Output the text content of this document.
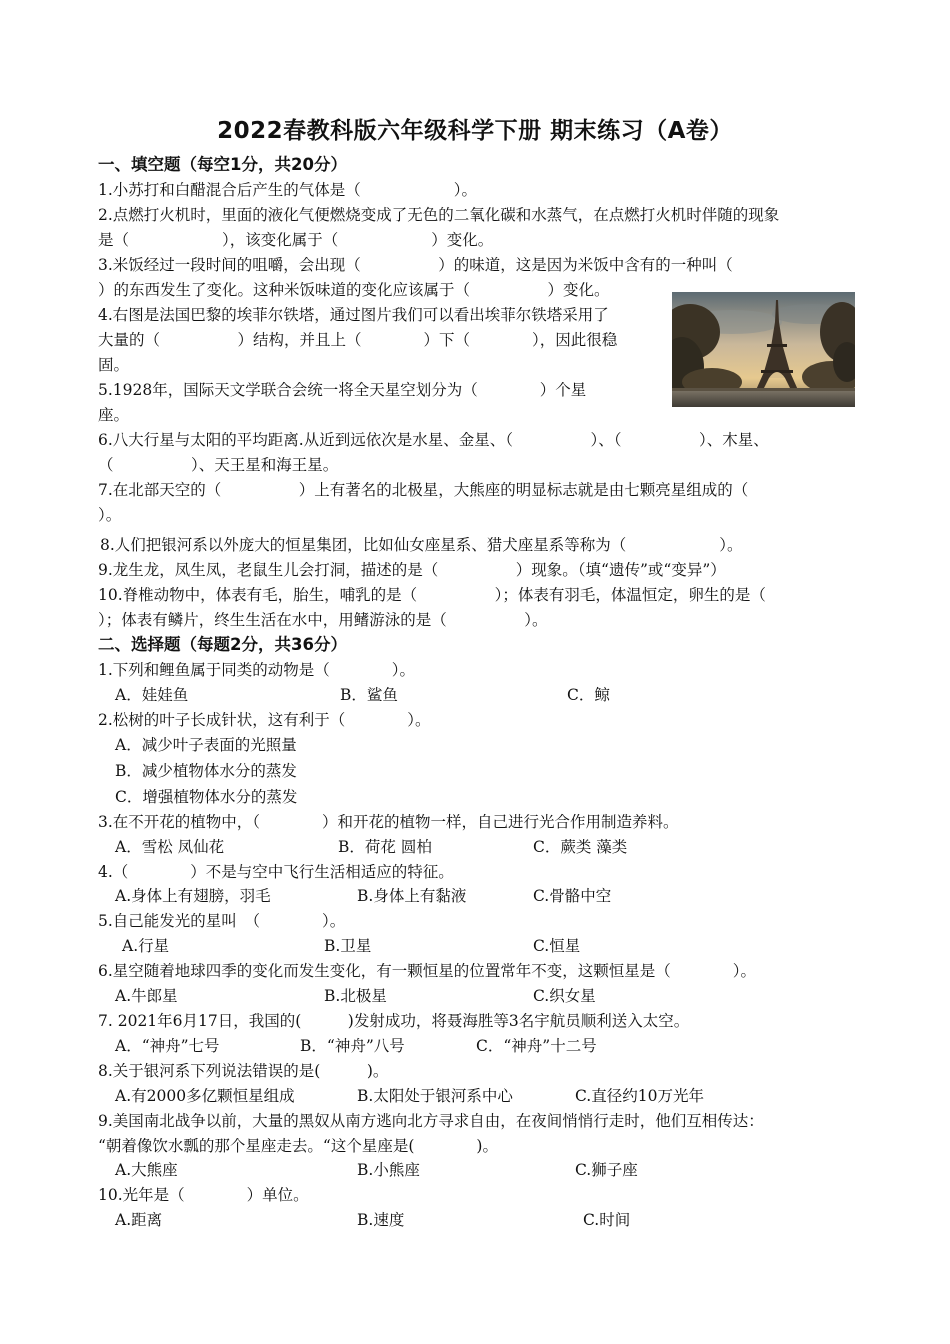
2022春教科版六年级科学下册 期末练习（A卷）
一、填空题（每空1分，共20分）
1.小苏打和白醋混合后产生的气体是（　　　　　　）。
2.点燃打火机时，里面的液化气便燃烧变成了无色的二氧化碳和水蒸气，在点燃打火机时伴随的现象
是（　　　　　　），该变化属于（　　　　　　）变化。
3.米饭经过一段时间的咀嚼，会出现（　　　　　）的味道，这是因为米饭中含有的一种叫（
）的东西发生了变化。这种米饭味道的变化应该属于（　　　　　）变化。
4.右图是法国巴黎的埃菲尔铁塔，通过图片我们可以看出埃菲尔铁塔采用了
大量的（　　　　　）结构，并且上（　　　　）下（　　　　），因此很稳
固。
5.1928年，国际天文学联合会统一将全天星空划分为（　　　　）个星
座。
6.八大行星与太阳的平均距离.从近到远依次是水星、金星、（　　　　　）、（　　　　　）、木星、
（　　　　　）、天王星和海王星。
7.在北部天空的（　　　　　）上有著名的北极星，大熊座的明显标志就是由七颗亮星组成的（
）。
8.人们把银河系以外庞大的恒星集团，比如仙女座星系、猎犬座星系等称为（　　　　　　）。
9.龙生龙，凤生凤，老鼠生儿会打洞，描述的是（　　　　　）现象。（填“遗传”或“变异”）
10.脊椎动物中，体表有毛，胎生，哺乳的是（　　　　　）；体表有羽毛，体温恒定，卵生的是（
）；体表有鳞片，终生生活在水中，用鳍游泳的是（　　　　　）。
二、选择题（每题2分，共36分）
1.下列和鲤鱼属于同类的动物是（　　　　）。
A．娃娃鱼	B．鲨鱼	C．鲸
2.松树的叶子长成针状，这有利于（　　　　）。
A．减少叶子表面的光照量
B．减少植物体水分的蒸发
C．增强植物体水分的蒸发
3.在不开花的植物中，（　　　　）和开花的植物一样，自己进行光合作用制造养料。
A．雪松 凤仙花	B．荷花 圆柏	C．蕨类 藻类
4.（　　　　）不是与空中飞行生活相适应的特征。
A.身体上有翅膀，羽毛	B.身体上有黏液	C.骨骼中空
5.自己能发光的星叫　（　　　　）。
A.行星	B.卫星	C.恒星
6.星空随着地球四季的变化而发生变化，有一颗恒星的位置常年不变，这颗恒星是（　　　　）。
A.牛郎星	B.北极星	C.织女星
7. 2021年6月17日，我国的(　　　)发射成功，将聂海胜等3名宇航员顺利送入太空。
A．“神舟”七号	B．“神舟”八号	C．“神舟”十二号
8.关于银河系下列说法错误的是(　　　)。
A.有2000多亿颗恒星组成	B.太阳处于银河系中心	C.直径约10万光年
9.美国南北战争以前，大量的黑奴从南方逃向北方寻求自由，在夜间悄悄行走时，他们互相传达：
“朝着像饮水瓢的那个星座走去。“这个星座是(　　　　)。
A.大熊座	B.小熊座	C.狮子座
10.光年是（　　　　）单位。
A.距离	B.速度	C.时间
